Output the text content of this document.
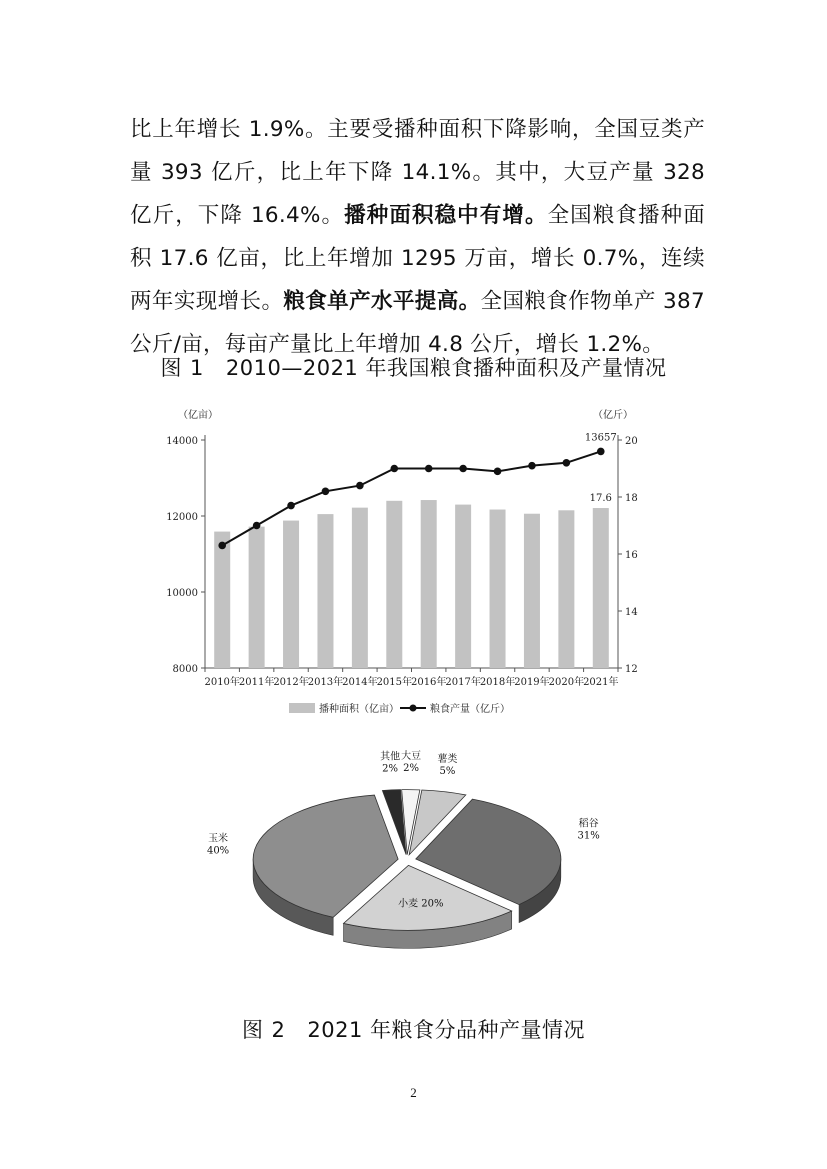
比上年增长 1.9%。主要受播种面积下降影响，全国豆类产量 393 亿斤，比上年下降 14.1%。其中，大豆产量 328 亿斤，下降 16.4%。播种面积稳中有增。全国粮食播种面积 17.6 亿亩，比上年增加 1295 万亩，增长 0.7%，连续两年实现增长。粮食单产水平提高。全国粮食作物单产 387 公斤/亩，每亩产量比上年增加 4.8 公斤，增长 1.2%。

图 1 2010—2021 年我国粮食播种面积及产量情况
8000
10000
12000
14000
12
14
16
18
20
（亿亩）	（亿斤）
2010年
2011年
2012年
2013年
2014年
2015年
2016年
2017年
2018年
2019年
2020年
2021年
13657
17.6
播种面积（亿亩）	粮食产量（亿斤）
薯类
5%
稻谷
31%
小麦 20%
玉米
40%
其他
2%
大豆
2%
图 2 2021 年粮食分品种产量情况
2
